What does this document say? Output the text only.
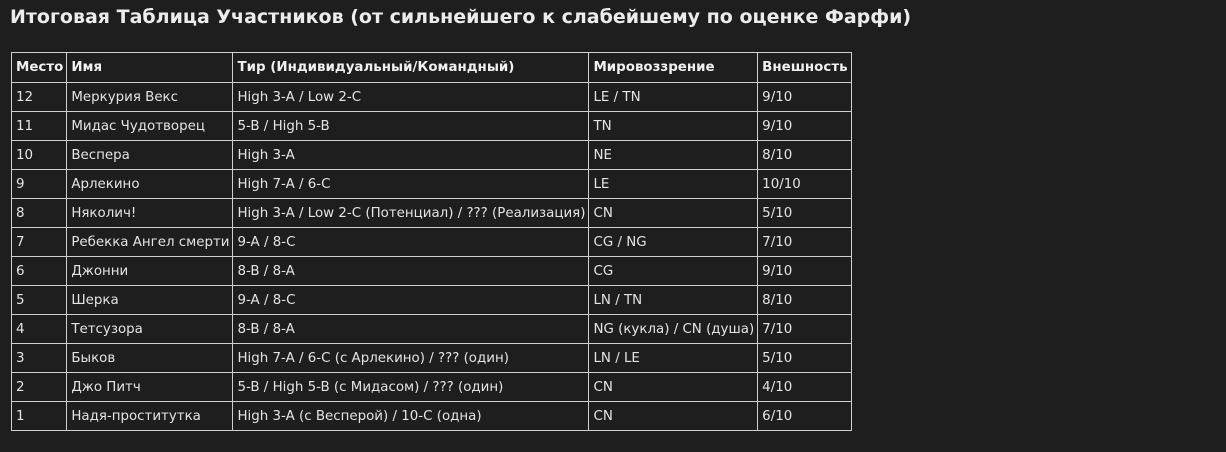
Итоговая Таблица Участников (от сильнейшего к слабейшему по оценке Фарфи)
Место	Имя	Тир (Индивидуальный/Командный)	Мировоззрение	Внешность
12	Меркурия Векс	High 3-A / Low 2-C	LE / TN	9/10
11	Мидас Чудотворец	5-B / High 5-B	TN	9/10
10	Веспера	High 3-A	NE	8/10
9	Арлекино	High 7-A / 6-C	LE	10/10
8	Няколич!	High 3-A / Low 2-C (Потенциал) / ??? (Реализация)	CN	5/10
7	Ребекка Ангел смерти	9-A / 8-C	CG / NG	7/10
6	Джонни	8-B / 8-A	CG	9/10
5	Шерка	9-A / 8-C	LN / TN	8/10
4	Тетсузора	8-B / 8-A	NG (кукла) / CN (душа)	7/10
3	Быков	High 7-A / 6-C (с Арлекино) / ??? (один)	LN / LE	5/10
2	Джо Питч	5-B / High 5-B (с Мидасом) / ??? (один)	CN	4/10
1	Надя-проститутка	High 3-A (с Весперой) / 10-C (одна)	CN	6/10
